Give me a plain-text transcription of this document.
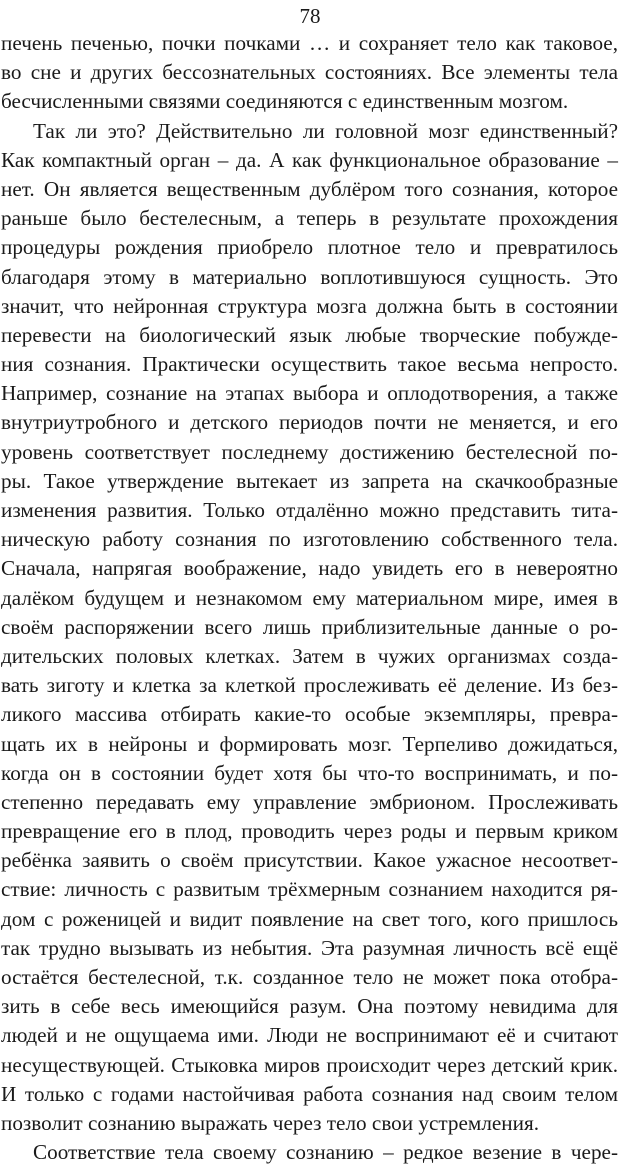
78
печень печенью, почки почками … и сохраняет тело как таковое,
во сне и других бессознательных состояниях. Все элементы тела
бесчисленными связями соединяются с единственным мозгом.
Так ли это? Действительно ли головной мозг единственный?
Как компактный орган – да. А как функциональное образование –
нет. Он является вещественным дублёром того сознания, которое
раньше было бестелесным, а теперь в результате прохождения
процедуры рождения приобрело плотное тело и превратилось
благодаря этому в материально воплотившуюся сущность. Это
значит, что нейронная структура мозга должна быть в состоянии
перевести на биологический язык любые творческие побужде-
ния сознания. Практически осуществить такое весьма непросто.
Например, сознание на этапах выбора и оплодотворения, а также
внутриутробного и детского периодов почти не меняется, и его
уровень соответствует последнему достижению бестелесной по-
ры. Такое утверждение вытекает из запрета на скачкообразные
изменения развития. Только отдалённо можно представить тита-
ническую работу сознания по изготовлению собственного тела.
Сначала, напрягая воображение, надо увидеть его в невероятно
далёком будущем и незнакомом ему материальном мире, имея в
своём распоряжении всего лишь приблизительные данные о ро-
дительских половых клетках. Затем в чужих организмах созда-
вать зиготу и клетка за клеткой прослеживать её деление. Из без-
ликого массива отбирать какие-то особые экземпляры, превра-
щать их в нейроны и формировать мозг. Терпеливо дожидаться,
когда он в состоянии будет хотя бы что-то воспринимать, и по-
степенно передавать ему управление эмбрионом. Прослеживать
превращение его в плод, проводить через роды и первым криком
ребёнка заявить о своём присутствии. Какое ужасное несоответ-
ствие: личность с развитым трёхмерным сознанием находится ря-
дом с роженицей и видит появление на свет того, кого пришлось
так трудно вызывать из небытия. Эта разумная личность всё ещё
остаётся бестелесной, т.к. созданное тело не может пока отобра-
зить в себе весь имеющийся разум. Она поэтому невидима для
людей и не ощущаема ими. Люди не воспринимают её и считают
несуществующей. Стыковка миров происходит через детский крик.
И только с годами настойчивая работа сознания над своим телом
позволит сознанию выражать через тело свои устремления.
Соответствие тела своему сознанию – редкое везение в чере-
